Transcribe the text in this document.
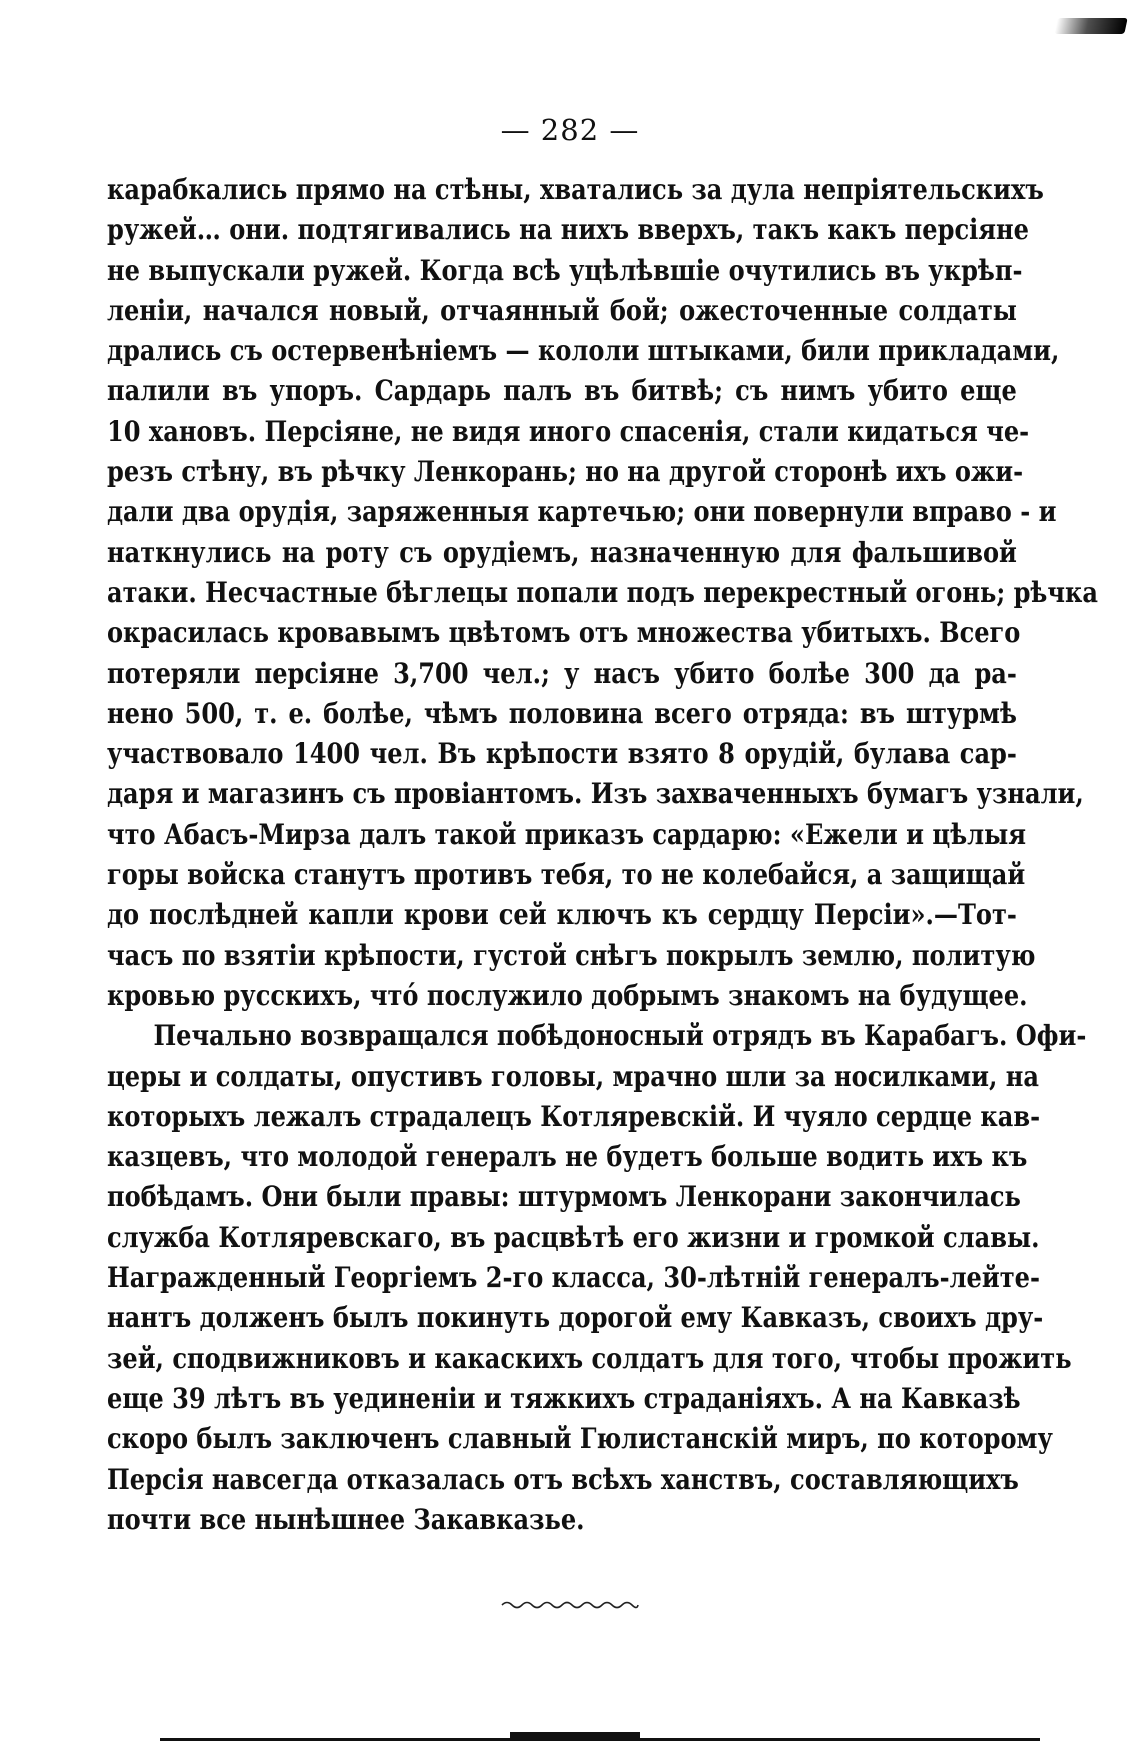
— 282 —
карабкались прямо на стѣны, хватались за дула непріятельскихъ
ружей… они. подтягивались на нихъ вверхъ, такъ какъ персіяне
не выпускали ружей. Когда всѣ уцѣлѣвшіе очутились въ укрѣп-
леніи, начался новый, отчаянный бой; ожесточенные солдаты
дрались съ остервенѣніемъ — кололи штыками, били прикладами,
палили въ упоръ. Сардарь палъ въ битвѣ; съ нимъ убито еще
10 хановъ. Персіяне, не видя иного спасенія, стали кидаться че-
резъ стѣну, въ рѣчку Ленкорань; но на другой сторонѣ ихъ ожи-
дали два орудія, заряженныя картечью; они повернули вправо - и
наткнулись на роту съ орудіемъ, назначенную для фальшивой
атаки. Несчастные бѣглецы попали подъ перекрестный огонь; рѣчка
окрасилась кровавымъ цвѣтомъ отъ множества убитыхъ. Всего
потеряли персіяне 3,700 чел.; у насъ убито болѣе 300 да ра-
нено 500, т. е. болѣе, чѣмъ половина всего отряда: въ штурмѣ
участвовало 1400 чел. Въ крѣпости взято 8 орудій, булава сар-
даря и магазинъ съ провіантомъ. Изъ захваченныхъ бумагъ узнали,
что Абасъ-Мирза далъ такой приказъ сардарю: «Ежели и цѣлыя
горы войска станутъ противъ тебя, то не колебайся, а защищай
до послѣдней капли крови сей ключъ къ сердцу Персіи».—Тот-
часъ по взятіи крѣпости, густой снѣгъ покрылъ землю, политую
кровью русскихъ, что́ послужило добрымъ знакомъ на будущее.
Печально возвращался побѣдоносный отрядъ въ Карабагъ. Офи-
церы и солдаты, опустивъ головы, мрачно шли за носилками, на
которыхъ лежалъ страдалецъ Котляревскій. И чуяло сердце кав-
казцевъ, что молодой генералъ не будетъ больше водить ихъ къ
побѣдамъ. Они были правы: штурмомъ Ленкорани закончилась
служба Котляревскаго, въ расцвѣтѣ его жизни и громкой славы.
Награжденный Георгіемъ 2-го класса, 30-лѣтній генералъ-лейте-
нантъ долженъ былъ покинуть дорогой ему Кавказъ, своихъ дру-
зей, сподвижниковъ и какаскихъ солдатъ для того, чтобы прожить
еще 39 лѣтъ въ уединеніи и тяжкихъ страданіяхъ. А на Кавказѣ
скоро былъ заключенъ славный Гюлистанскій миръ, по которому
Персія навсегда отказалась отъ всѣхъ ханствъ, составляющихъ
почти все нынѣшнее Закавказье.
